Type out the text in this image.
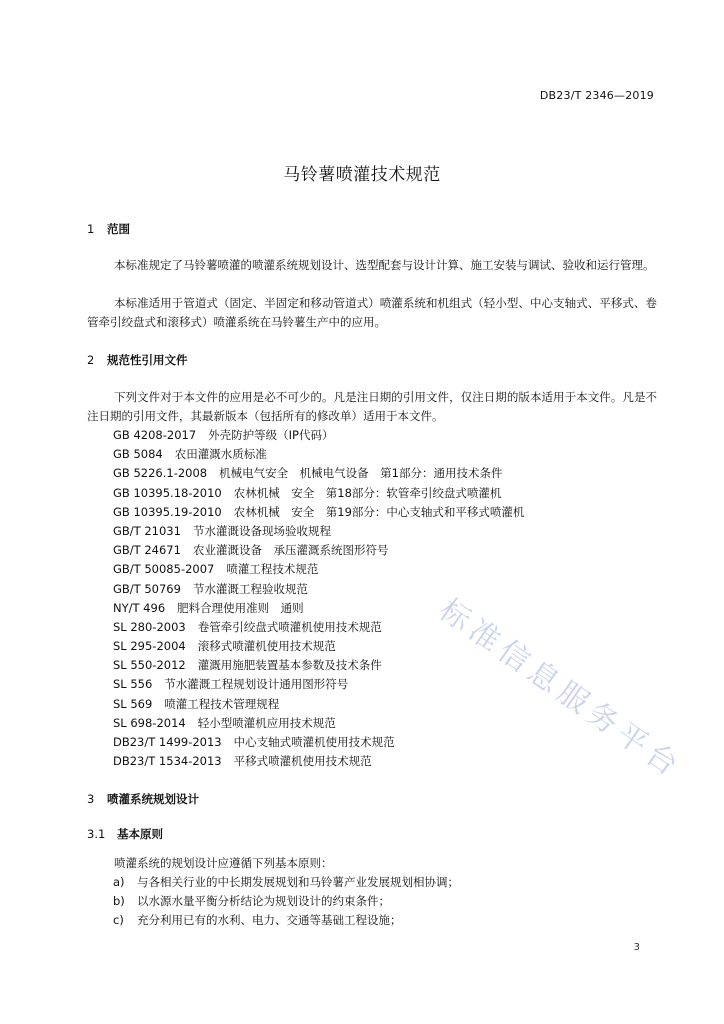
标准信息服务平台
DB23/T 2346—2019
马铃薯喷灌技术规范
1 范围
本标准规定了马铃薯喷灌的喷灌系统规划设计、选型配套与设计计算、施工安装与调试、验收和运行管理。
本标准适用于管道式（固定、半固定和移动管道式）喷灌系统和机组式（轻小型、中心支轴式、平移式、卷管牵引绞盘式和滚移式）喷灌系统在马铃薯生产中的应用。
2 规范性引用文件
下列文件对于本文件的应用是必不可少的。凡是注日期的引用文件，仅注日期的版本适用于本文件。凡是不注日期的引用文件，其最新版本（包括所有的修改单）适用于本文件。
GB 4208-2017 外壳防护等级（IP代码）
GB 5084 农田灌溉水质标准
GB 5226.1-2008 机械电气安全　机械电气设备　第1部分：通用技术条件
GB 10395.18-2010 农林机械　安全　第18部分：软管牵引绞盘式喷灌机
GB 10395.19-2010 农林机械　安全　第19部分：中心支轴式和平移式喷灌机
GB/T 21031 节水灌溉设备现场验收规程
GB/T 24671 农业灌溉设备　承压灌溉系统图形符号
GB/T 50085-2007 喷灌工程技术规范
GB/T 50769 节水灌溉工程验收规范
NY/T 496 肥料合理使用准则　通则
SL 280-2003 卷管牵引绞盘式喷灌机使用技术规范
SL 295-2004 滚移式喷灌机使用技术规范
SL 550-2012 灌溉用施肥装置基本参数及技术条件
SL 556 节水灌溉工程规划设计通用图形符号
SL 569 喷灌工程技术管理规程
SL 698-2014 轻小型喷灌机应用技术规范
DB23/T 1499-2013 中心支轴式喷灌机使用技术规范
DB23/T 1534-2013 平移式喷灌机使用技术规范
3 喷灌系统规划设计
3.1 基本原则
喷灌系统的规划设计应遵循下列基本原则：
a) 与各相关行业的中长期发展规划和马铃薯产业发展规划相协调；
b) 以水源水量平衡分析结论为规划设计的约束条件；
c) 充分利用已有的水利、电力、交通等基础工程设施；
3
